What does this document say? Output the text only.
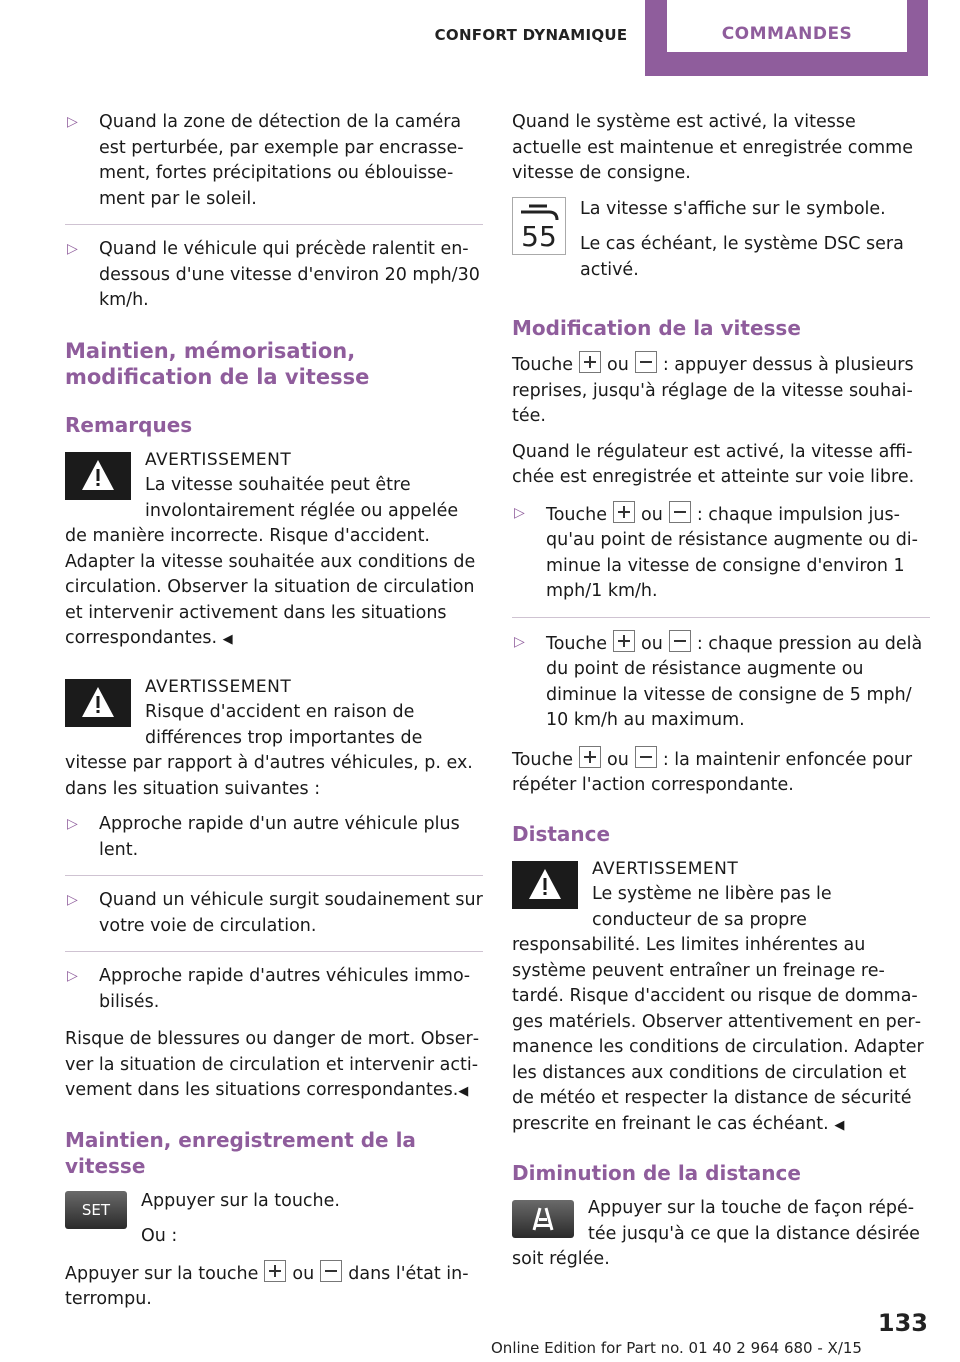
CONFORT DYNAMIQUE	COMMANDES
▷ Quand la zone de détection de la caméra est perturbée, par exemple par encrassement, fortes précipitations ou éblouissement par le soleil.
▷ Quand le véhicule qui précède ralentit en-dessous d'une vitesse d'environ 20 mph/30 km/h.
Maintien, mémorisation, modification de la vitesse
Remarques
AVERTISSEMENT
La vitesse souhaitée peut être involontairement réglée ou appelée de manière incorrecte. Risque d'accident. Adapter la vitesse souhaitée aux conditions de circulation. Observer la situation de circulation et intervenir activement dans les situations correspondantes. ◀
AVERTISSEMENT
Risque d'accident en raison de différences trop importantes de vitesse par rapport à d'autres véhicules, p. ex. dans les situation suivantes :
▷ Approche rapide d'un autre véhicule plus lent.
▷ Quand un véhicule surgit soudainement sur votre voie de circulation.
▷ Approche rapide d'autres véhicules immobilisés.

Risque de blessures ou danger de mort. Observer la situation de circulation et intervenir activement dans les situations correspondantes.◀

Maintien, enregistrement de la vitesse
SET	Appuyer sur la touche.

Ou :

Appuyer sur la touche ou dans l'état interrompu.

Quand le système est activé, la vitesse actuelle est maintenue et enregistrée comme vitesse de consigne.

55

La vitesse s'affiche sur le symbole.

Le cas échéant, le système DSC sera activé.

Modification de la vitesse

Touche ou : appuyer dessus à plusieurs reprises, jusqu'à réglage de la vitesse souhaitée.

Quand le régulateur est activé, la vitesse affichée est enregistrée et atteinte sur voie libre.

▷ Touche ou : chaque impulsion jusqu'au point de résistance augmente ou diminue la vitesse de consigne d'environ 1 mph/1 km/h.
▷ Touche ou : chaque pression au delà du point de résistance augmente ou diminue la vitesse de consigne de 5 mph/ 10 km/h au maximum.

Touche ou : la maintenir enfoncée pour répéter l'action correspondante.

Distance
AVERTISSEMENT
Le système ne libère pas le conducteur de sa propre responsabilité. Les limites inhérentes au système peuvent entraîner un freinage retardé. Risque d'accident ou risque de dommages matériels. Observer attentivement en permanence les conditions de circulation. Adapter les distances aux conditions de circulation et de météo et respecter la distance de sécurité prescrite en freinant le cas échéant. ◀
Diminution de la distance

Appuyer sur la touche de façon répétée jusqu'à ce que la distance désirée soit réglée.

133
Online Edition for Part no. 01 40 2 964 680 - X/15
